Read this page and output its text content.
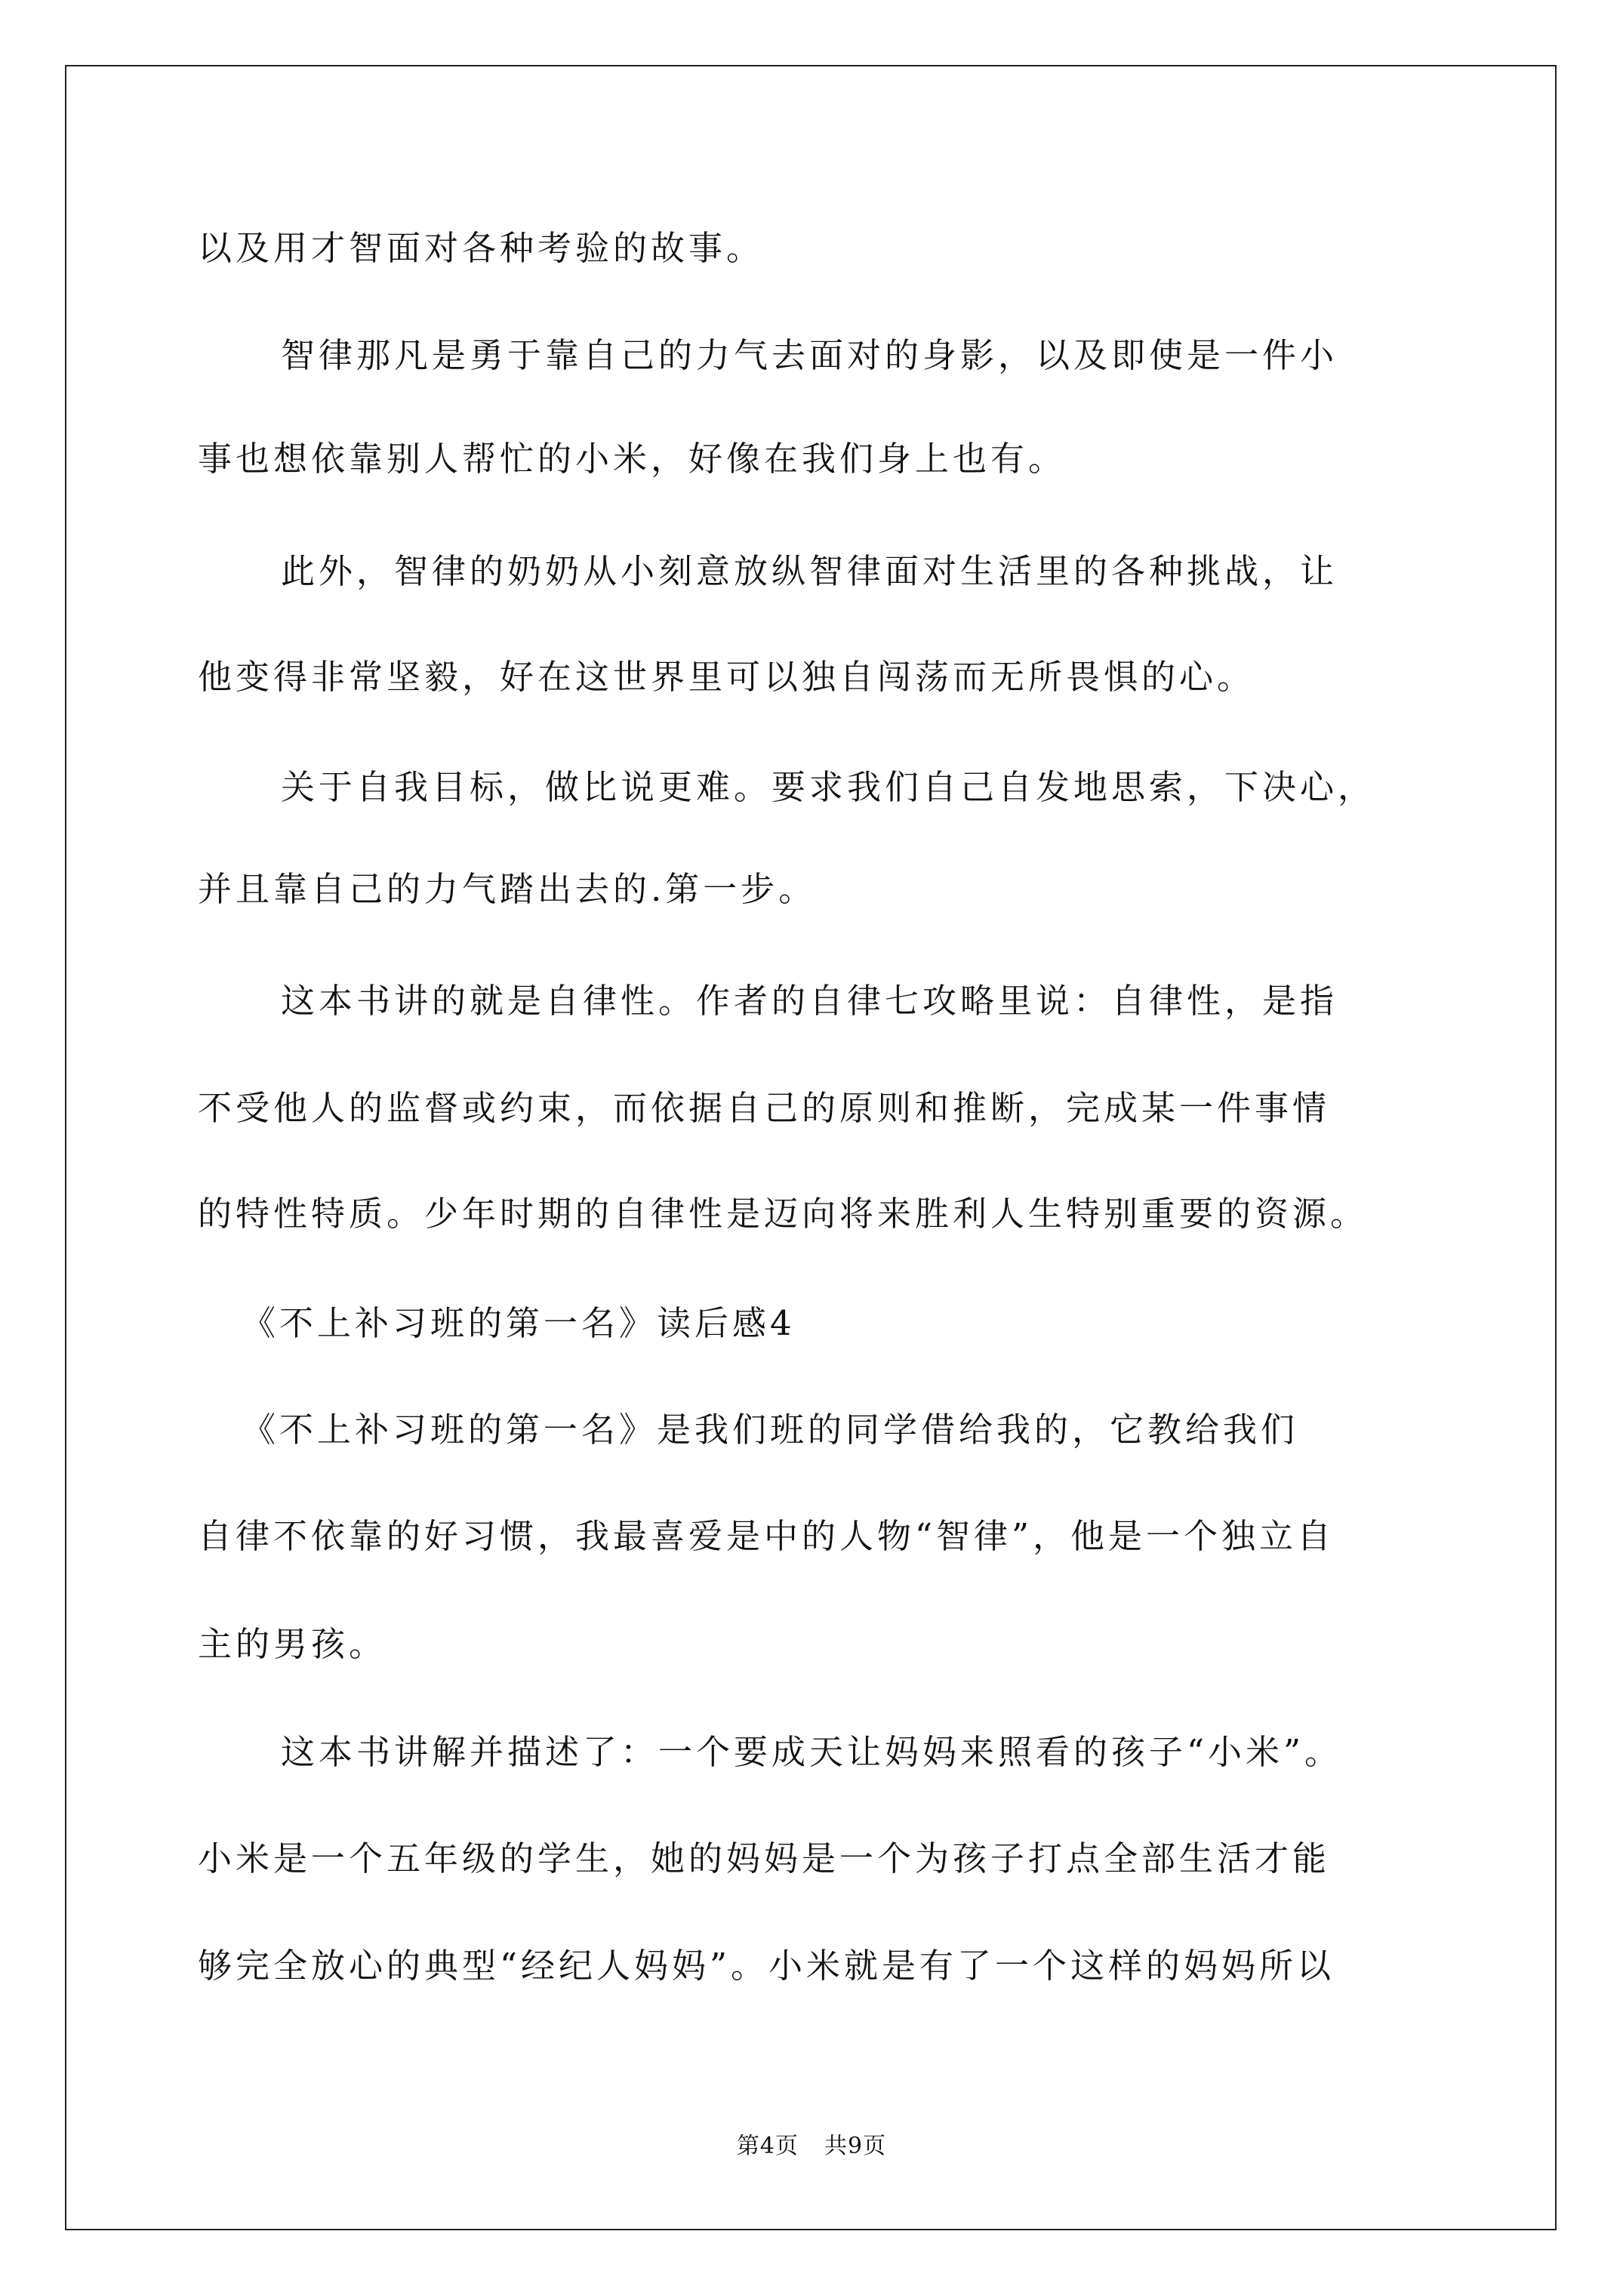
以及用才智面对各种考验的故事。
智律那凡是勇于靠自己的力气去面对的身影，以及即使是一件小
事也想依靠别人帮忙的小米，好像在我们身上也有。
此外，智律的奶奶从小刻意放纵智律面对生活里的各种挑战，让
他变得非常坚毅，好在这世界里可以独自闯荡而无所畏惧的心。
关于自我目标，做比说更难。要求我们自己自发地思索，下决心，
并且靠自己的力气踏出去的.第一步。
这本书讲的就是自律性。作者的自律七攻略里说：自律性，是指
不受他人的监督或约束，而依据自己的原则和推断，完成某一件事情
的特性特质。少年时期的自律性是迈向将来胜利人生特别重要的资源。
《不上补习班的第一名》读后感4
《不上补习班的第一名》是我们班的同学借给我的，它教给我们
自律不依靠的好习惯，我最喜爱是中的人物“智律”，他是一个独立自
主的男孩。
这本书讲解并描述了：一个要成天让妈妈来照看的孩子“小米”。
小米是一个五年级的学生，她的妈妈是一个为孩子打点全部生活才能
够完全放心的典型“经纪人妈妈”。小米就是有了一个这样的妈妈所以
第4页 共9页
